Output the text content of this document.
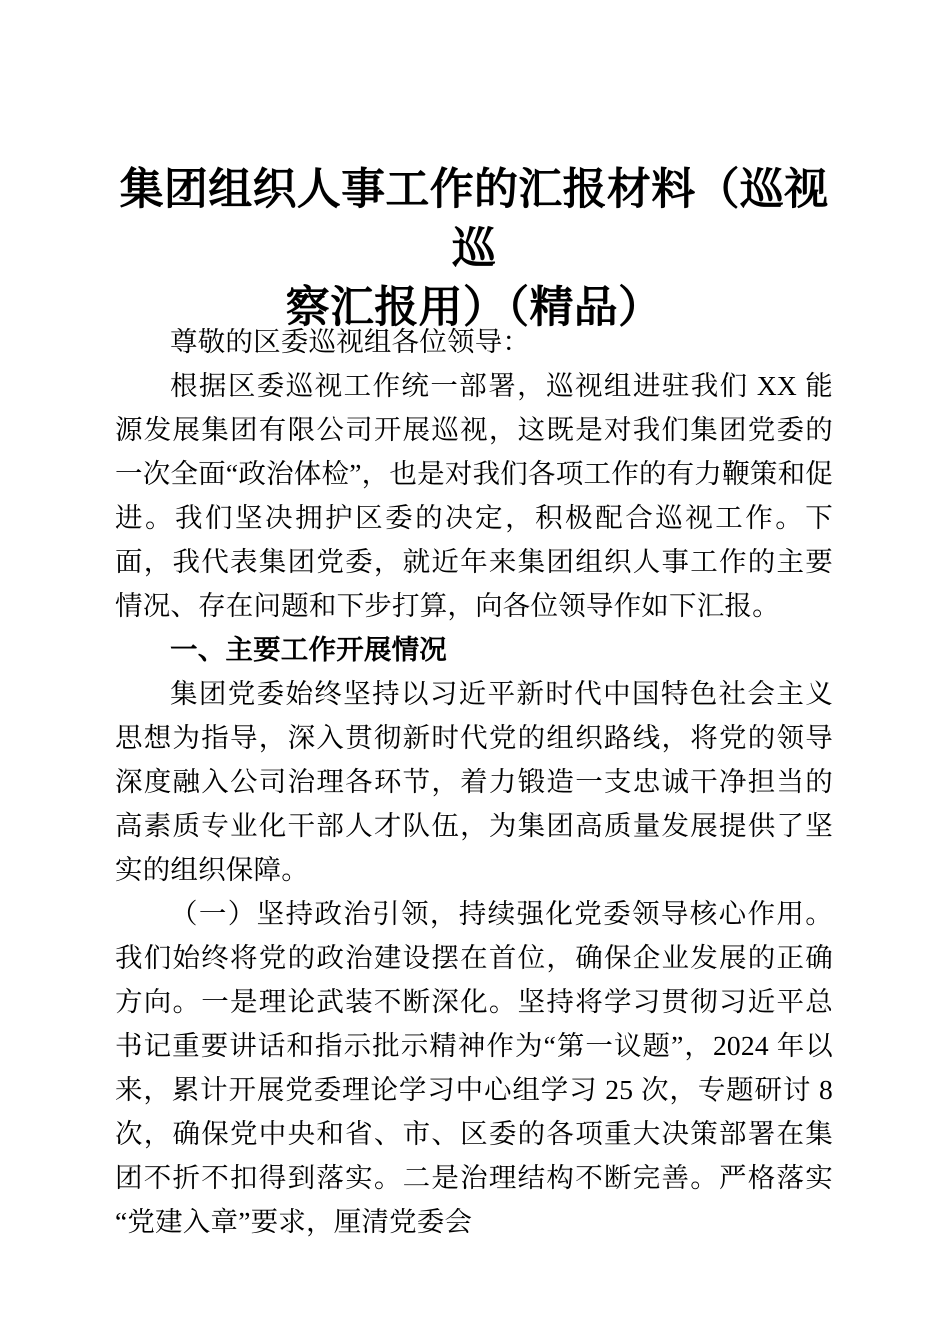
集团组织人事工作的汇报材料（巡视巡
察汇报用）（精品）

尊敬的区委巡视组各位领导：

根据区委巡视工作统一部署，巡视组进驻我们 XX 能源发展集团有限公司开展巡视，这既是对我们集团党委的一次全面“政治体检”，也是对我们各项工作的有力鞭策和促进。我们坚决拥护区委的决定，积极配合巡视工作。下面，我代表集团党委，就近年来集团组织人事工作的主要情况、存在问题和下步打算，向各位领导作如下汇报。

一、主要工作开展情况

集团党委始终坚持以习近平新时代中国特色社会主义思想为指导，深入贯彻新时代党的组织路线，将党的领导深度融入公司治理各环节，着力锻造一支忠诚干净担当的高素质专业化干部人才队伍，为集团高质量发展提供了坚实的组织保障。

（一）坚持政治引领，持续强化党委领导核心作用。我们始终将党的政治建设摆在首位，确保企业发展的正确方向。一是理论武装不断深化。坚持将学习贯彻习近平总书记重要讲话和指示批示精神作为“第一议题”，2024 年以来，累计开展党委理论学习中心组学习 25 次，专题研讨 8 次，确保党中央和省、市、区委的各项重大决策部署在集团不折不扣得到落实。二是治理结构不断完善。严格落实“党建入章”要求，厘清党委会
